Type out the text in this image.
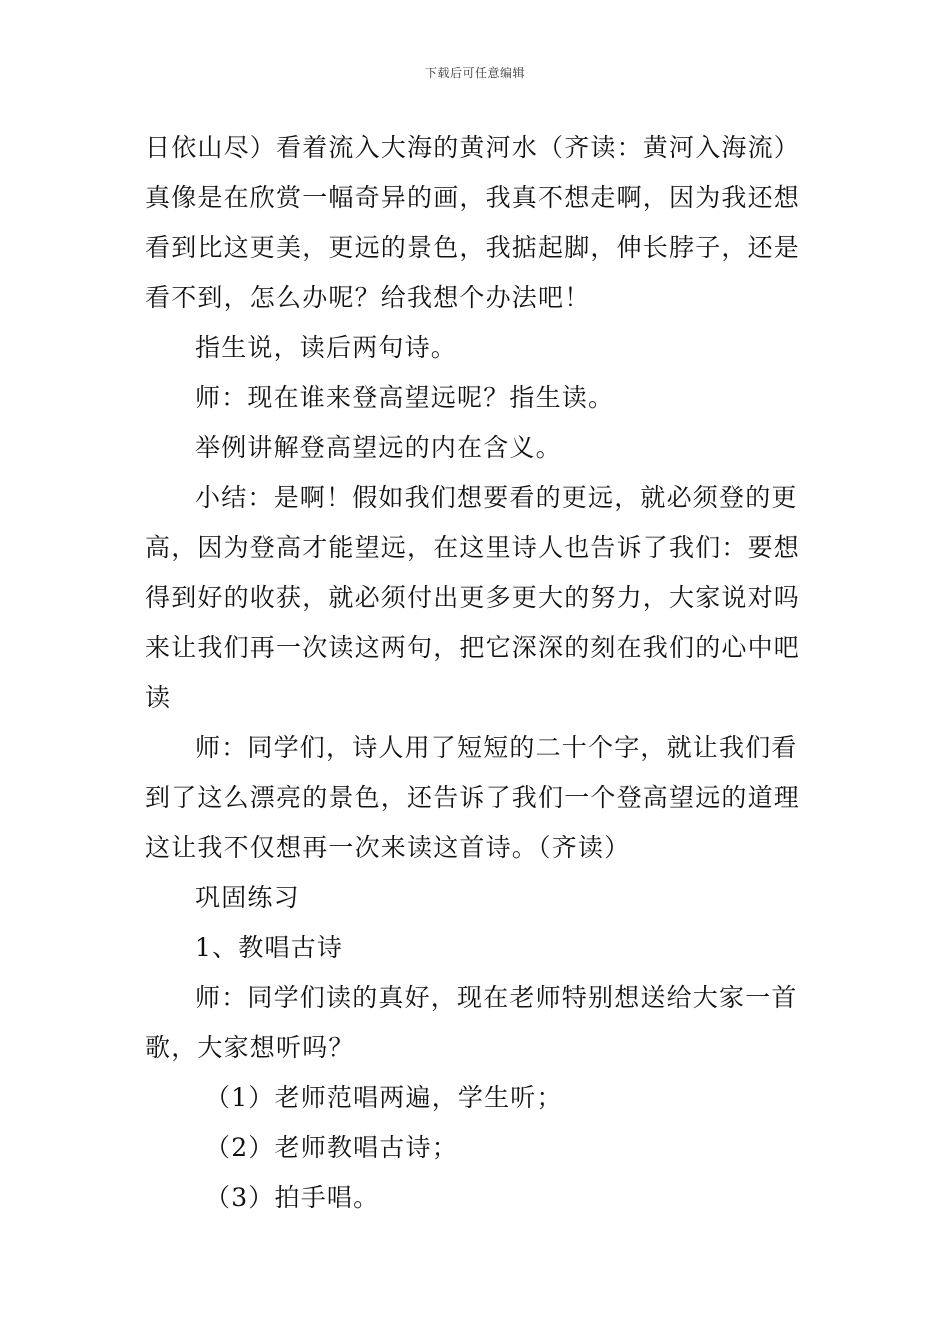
下载后可任意编辑
日依山尽）看着流入大海的黄河水（齐读：黄河入海流）
真像是在欣赏一幅奇异的画，我真不想走啊，因为我还想
看到比这更美，更远的景色，我掂起脚，伸长脖子，还是
看不到，怎么办呢？给我想个办法吧！
指生说，读后两句诗。
师：现在谁来登高望远呢？指生读。
举例讲解登高望远的内在含义。
小结：是啊！假如我们想要看的更远，就必须登的更
高，因为登高才能望远，在这里诗人也告诉了我们：要想
得到好的收获，就必须付出更多更大的努力，大家说对吗
来让我们再一次读这两句，把它深深的刻在我们的心中吧
读
师：同学们，诗人用了短短的二十个字，就让我们看
到了这么漂亮的景色，还告诉了我们一个登高望远的道理
这让我不仅想再一次来读这首诗。（齐读）
巩固练习
1、教唱古诗
师：同学们读的真好，现在老师特别想送给大家一首
歌，大家想听吗？
（1）老师范唱两遍，学生听；
（2）老师教唱古诗；
（3）拍手唱。
